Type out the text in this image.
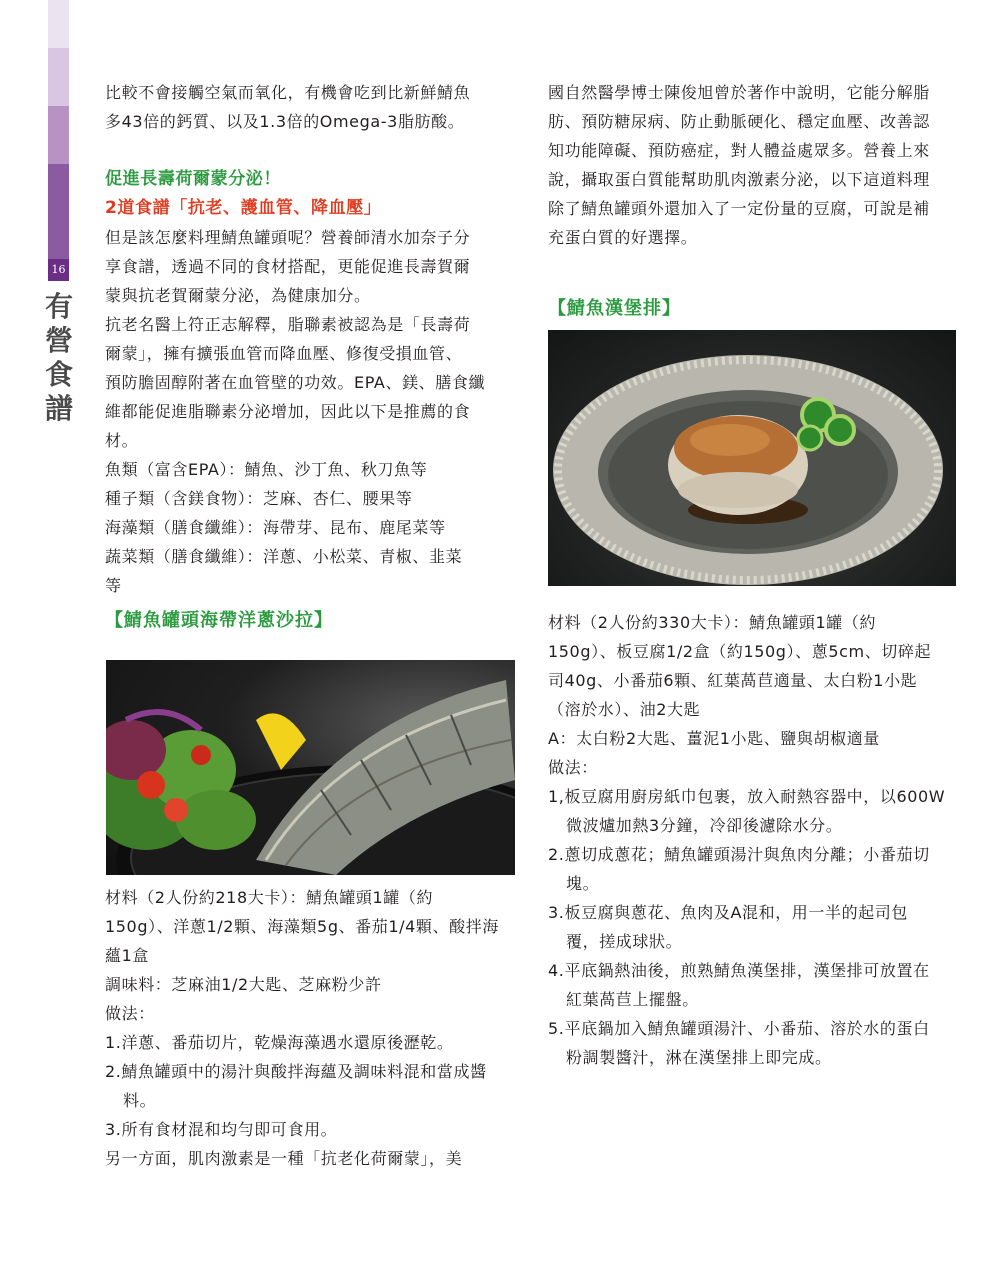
16
有
營
食
譜

比較不會接觸空氣而氧化，有機會吃到比新鮮鯖魚

多43倍的鈣質、以及1.3倍的Omega-3脂肪酸。

促進長壽荷爾蒙分泌！

2道食譜「抗老、護血管、降血壓」

但是該怎麼料理鯖魚罐頭呢？營養師清水加奈子分

享食譜，透過不同的食材搭配，更能促進長壽賀爾

蒙與抗老賀爾蒙分泌，為健康加分。

抗老名醫上符正志解釋，脂聯素被認為是「長壽荷

爾蒙」，擁有擴張血管而降血壓、修復受損血管、

預防膽固醇附著在血管壁的功效。EPA、鎂、膳食纖

維都能促進脂聯素分泌增加，因此以下是推薦的食

材。

魚類（富含EPA）：鯖魚、沙丁魚、秋刀魚等

種子類（含鎂食物）：芝麻、杏仁、腰果等

海藻類（膳食纖維）：海帶芽、昆布、鹿尾菜等

蔬菜類（膳食纖維）：洋蔥、小松菜、青椒、韭菜

等

【鯖魚罐頭海帶洋蔥沙拉】

材料（2人份約218大卡）：鯖魚罐頭1罐（約

150g）、洋蔥1/2顆、海藻類5g、番茄1/4顆、酸拌海

蘊1盒

調味料：芝麻油1/2大匙、芝麻粉少許

做法：

1.洋蔥、番茄切片，乾燥海藻遇水還原後瀝乾。

2.鯖魚罐頭中的湯汁與酸拌海蘊及調味料混和當成醬

料。

3.所有食材混和均勻即可食用。

另一方面，肌肉激素是一種「抗老化荷爾蒙」，美

國自然醫學博士陳俊旭曾於著作中說明，它能分解脂

肪、預防糖尿病、防止動脈硬化、穩定血壓、改善認

知功能障礙、預防癌症，對人體益處眾多。營養上來

說，攝取蛋白質能幫助肌肉激素分泌，以下這道料理

除了鯖魚罐頭外還加入了一定份量的豆腐，可說是補

充蛋白質的好選擇。

【鯖魚漢堡排】

材料（2人份約330大卡）：鯖魚罐頭1罐（約

150g）、板豆腐1/2盒（約150g）、蔥5cm、切碎起

司40g、小番茄6顆、紅葉萵苣適量、太白粉1小匙

（溶於水）、油2大匙

A：太白粉2大匙、薑泥1小匙、鹽與胡椒適量

做法：

1,板豆腐用廚房紙巾包裹，放入耐熱容器中，以600W

微波爐加熱3分鐘，冷卻後濾除水分。

2.蔥切成蔥花；鯖魚罐頭湯汁與魚肉分離；小番茄切

塊。

3.板豆腐與蔥花、魚肉及A混和，用一半的起司包

覆，搓成球狀。

4.平底鍋熱油後，煎熟鯖魚漢堡排，漢堡排可放置在

紅葉萵苣上擺盤。

5.平底鍋加入鯖魚罐頭湯汁、小番茄、溶於水的蛋白

粉調製醬汁，淋在漢堡排上即完成。
